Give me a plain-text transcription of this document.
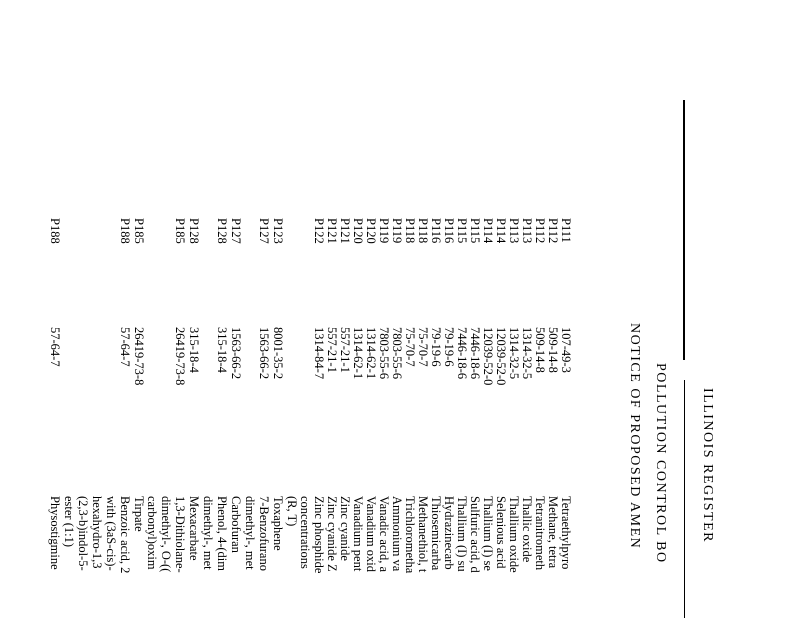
ILLINOIS REGISTER
POLLUTION CONTROL BO
NOTICE OF PROPOSED AMEN
P111
107-49-3
Tetraethylpyro
P112
509-14-8
Methane, tetra
P112
509-14-8
Tetranitrometh
P113
1314-32-5
Thallic oxide
P113
1314-32-5
Thallium oxide
P114
12039-52-0
Selenious acid
P114
12039-52-0
Thallium (I) se
P115
7446-18-6
Sulfuric acid, d
P115
7446-18-6
Thallium (I) su
P116
79-19-6
Hydrazinecarb
P116
79-19-6
Thiosemicarba
P118
75-70-7
Methanethiol, t
P118
75-70-7
Trichlorometha
P119
7803-55-6
Ammonium va
P119
7803-55-6
Vanadic acid, a
P120
1314-62-1
Vanadium oxid
P120
1314-62-1
Vanadium pent
P121
557-21-1
Zinc cyanide
P121
557-21-1
Zinc cyanide Z
P122
1314-84-7
Zinc phosphide
concentrations
(R, T)
P123
8001-35-2
Toxaphene
P127
1563-66-2
7-Benzofurano
dimethyl-, met
P127
1563-66-2
Carbofuran
P128
315-18-4
Phenol, 4-(dim
dimethyl-, met
P128
315-18-4
Mexacarbate
P185
26419-73-8
1,3-Dithiolane-
dimethyl-, O-((
carbonyl)oxim
P185
26419-73-8
Tirpate
P188
57-64-7
Benzoic acid, 2
with (3aS-cis)-
hexahydro-1,3
(2,3-b)indol-5-
ester (1:1)
P188
57-64-7
Physostigmine
